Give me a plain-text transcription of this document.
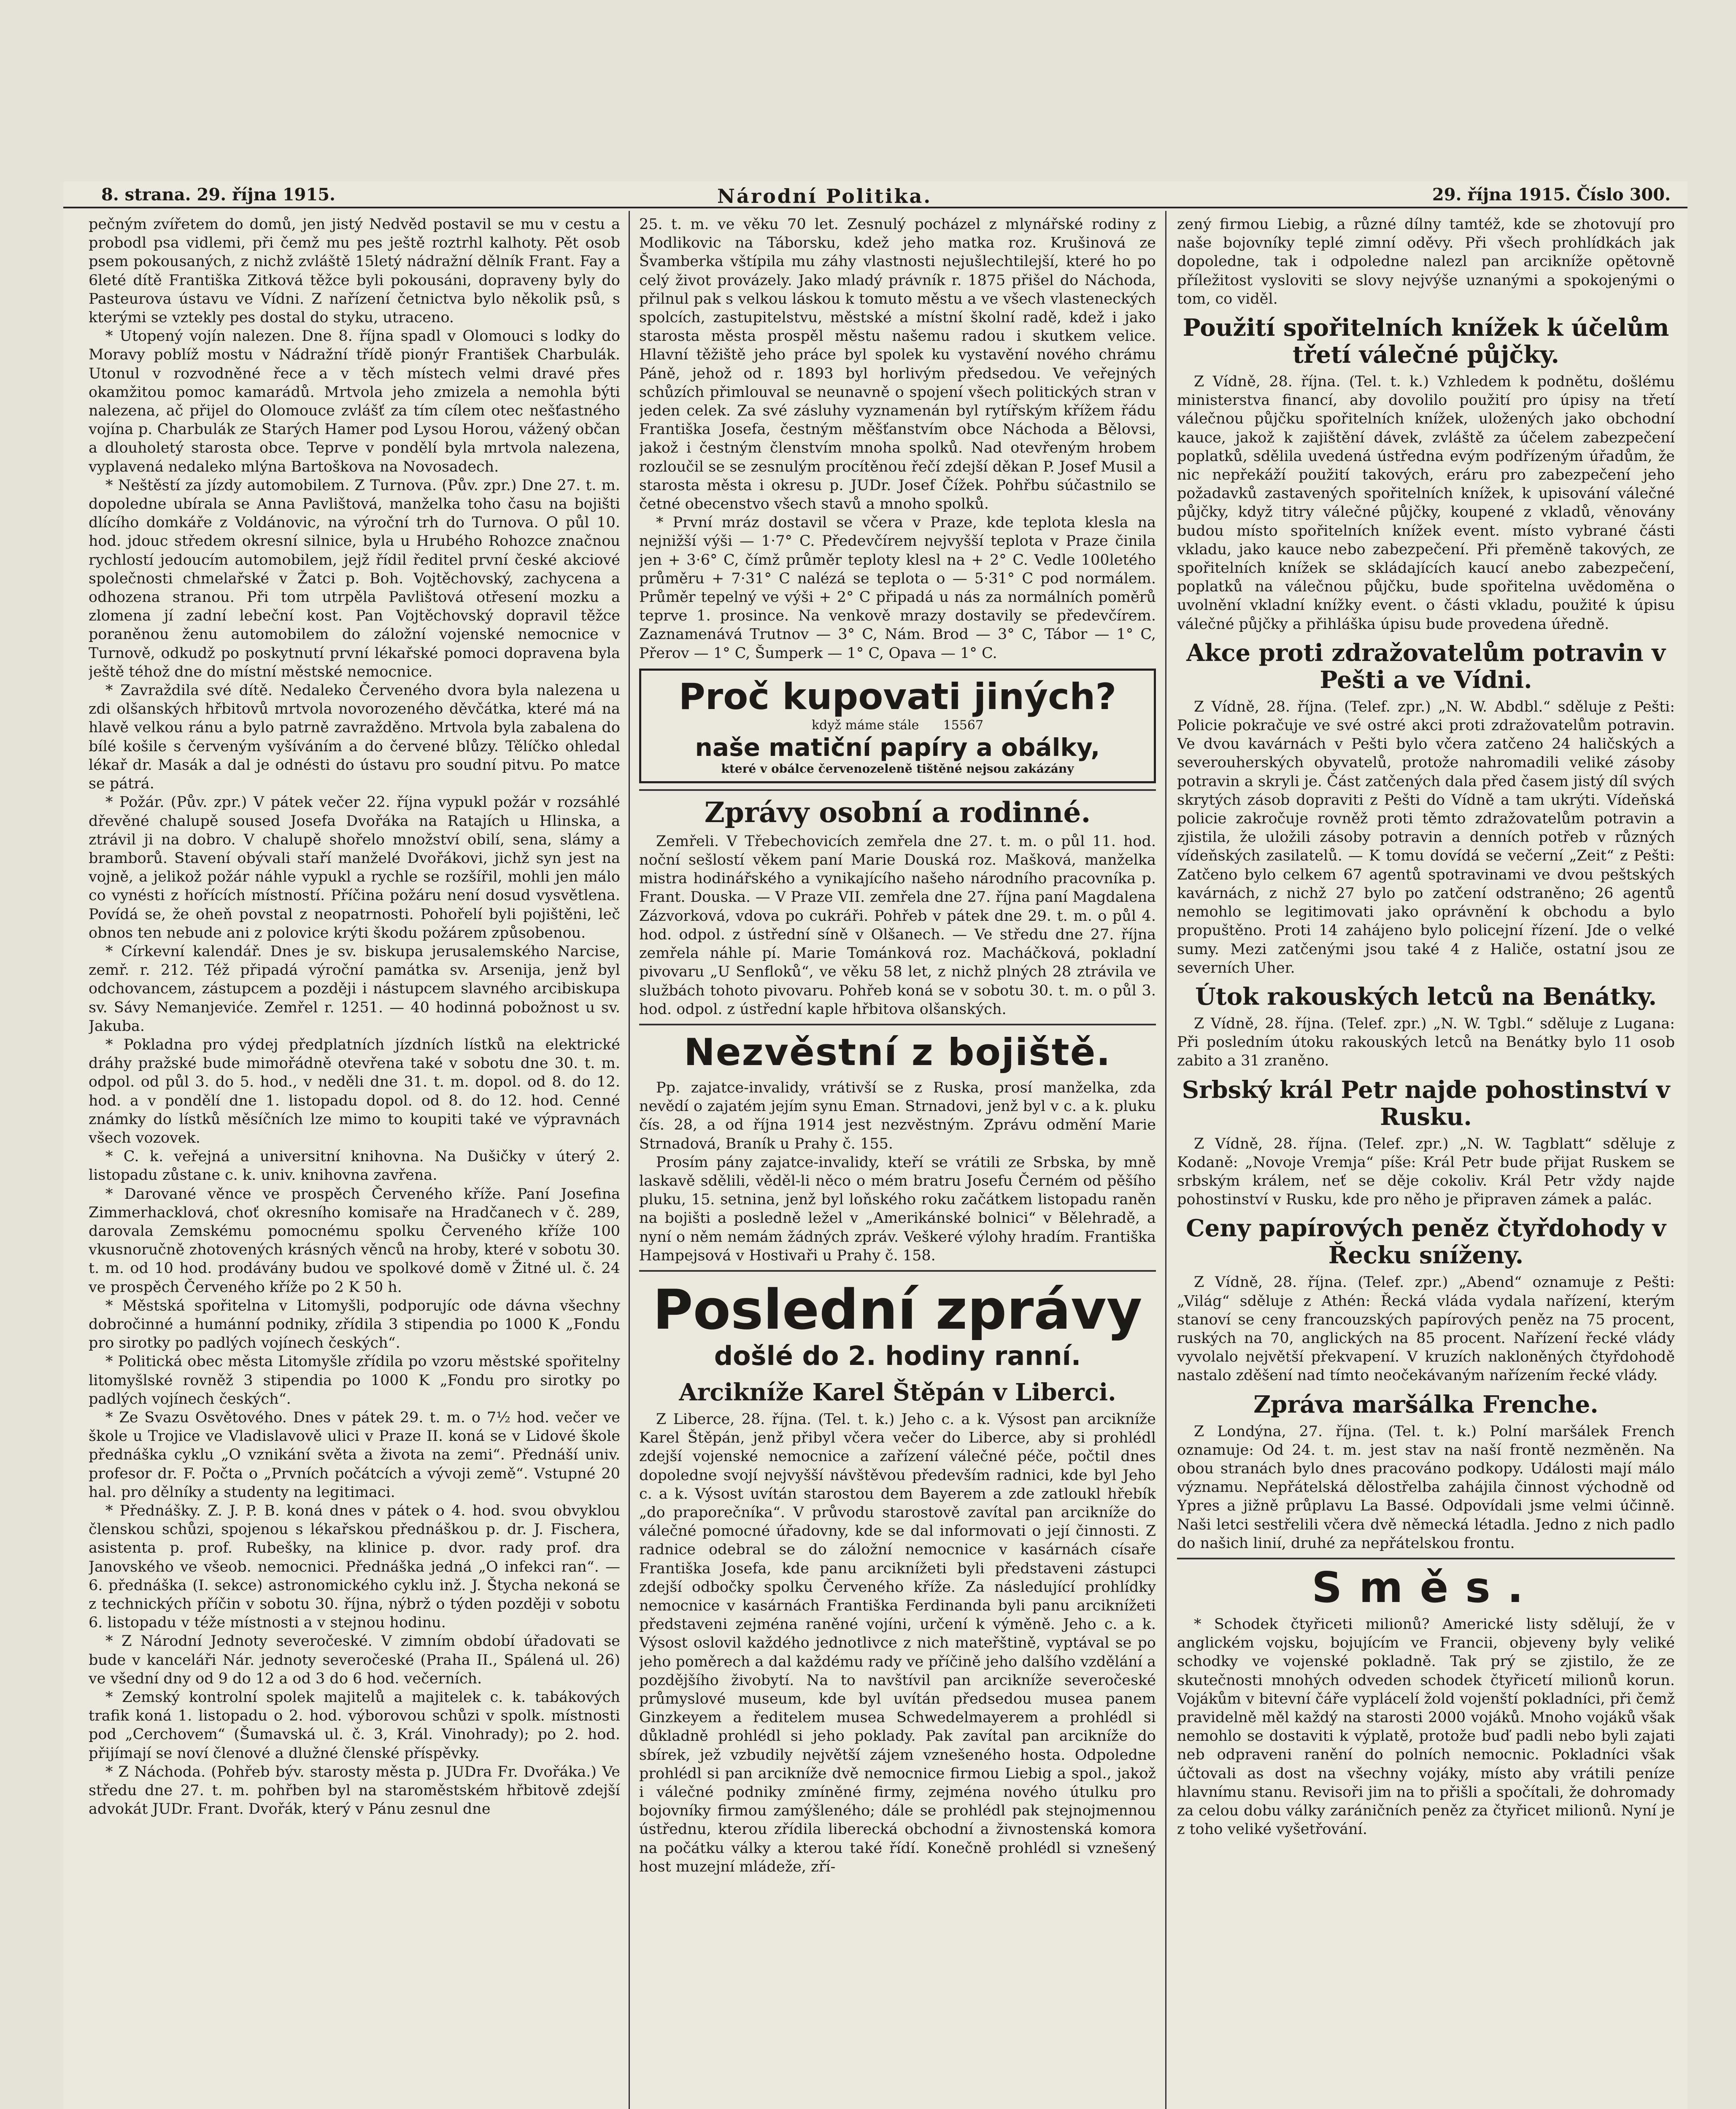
8. strana. 29. října 1915.	Národní Politika.	29. října 1915. Číslo 300.

pečným zvířetem do domů, jen jistý Nedvěd postavil se mu v cestu a probodl psa vidlemi, při čemž mu pes ještě roztrhl kalhoty. Pět osob psem pokousaných, z nichž zvláště 15letý nádražní dělník Frant. Fay a 6leté dítě Františka Zitková těžce byli pokousáni, dopraveny byly do Pasteurova ústavu ve Vídni. Z nařízení četnictva bylo několik psů, s kterými se vztekly pes dostal do styku, utraceno.

* Utopený vojín nalezen. Dne 8. října spadl v Olomouci s lodky do Moravy poblíž mostu v Nádražní třídě pionýr František Charbulák. Utonul v rozvodněné řece a v těch místech velmi dravé přes okamžitou pomoc kamarádů. Mrtvola jeho zmizela a nemohla býti nalezena, ač přijel do Olomouce zvlášť za tím cílem otec nešťastného vojína p. Charbulák ze Starých Hamer pod Lysou Horou, vážený občan a dlouholetý starosta obce. Teprve v pondělí byla mrtvola nalezena, vyplavená nedaleko mlýna Bartoškova na Novosadech.

* Neštěstí za jízdy automobilem. Z Turnova. (Pův. zpr.) Dne 27. t. m. dopoledne ubírala se Anna Pavlištová, manželka toho času na bojišti dlícího domkáře z Voldánovic, na výroční trh do Turnova. O půl 10. hod. jdouc středem okresní silnice, byla u Hrubého Rohozce značnou rychlostí jedoucím automobilem, jejž řídil ředitel první české akciové společnosti chmelařské v Žatci p. Boh. Vojtěchovský, zachycena a odhozena stranou. Při tom utrpěla Pavlištová otřesení mozku a zlomena jí zadní lebeční kost. Pan Vojtěchovský dopravil těžce poraněnou ženu automobilem do záložní vojenské nemocnice v Turnově, odkudž po poskytnutí první lékařské pomoci dopravena byla ještě téhož dne do místní městské nemocnice.

* Zavraždila své dítě. Nedaleko Červeného dvora byla nalezena u zdi olšanských hřbitovů mrtvola novorozeného děvčátka, které má na hlavě velkou ránu a bylo patrně zavražděno. Mrtvola byla zabalena do bílé košile s červeným vyšíváním a do červené blůzy. Tělíčko ohledal lékař dr. Masák a dal je odnésti do ústavu pro soudní pitvu. Po matce se pátrá.

* Požár. (Pův. zpr.) V pátek večer 22. října vypukl požár v rozsáhlé dřevěné chalupě soused Josefa Dvořáka na Ratajích u Hlinska, a ztrávil ji na dobro. V chalupě shořelo množství obilí, sena, slámy a bramborů. Stavení obývali staří manželé Dvořákovi, jichž syn jest na vojně, a jelikož požár náhle vypukl a rychle se rozšířil, mohli jen málo co vynésti z hořících místností. Příčina požáru není dosud vysvětlena. Povídá se, že oheň povstal z neopatrnosti. Pohořelí byli pojištěni, leč obnos ten nebude ani z polovice krýti škodu požárem způsobenou.

* Církevní kalendář. Dnes je sv. biskupa jerusalemského Narcise, zemř. r. 212. Též připadá výroční památka sv. Arsenija, jenž byl odchovancem, zástupcem a později i nástupcem slavného arcibiskupa sv. Sávy Nemanjeviće. Zemřel r. 1251. — 40 hodinná pobožnost u sv. Jakuba.

* Pokladna pro výdej předplatních jízdních lístků na elektrické dráhy pražské bude mimořádně otevřena také v sobotu dne 30. t. m. odpol. od půl 3. do 5. hod., v neděli dne 31. t. m. dopol. od 8. do 12. hod. a v pondělí dne 1. listopadu dopol. od 8. do 12. hod. Cenné známky do lístků měsíčních lze mimo to koupiti také ve výpravnách všech vozovek.

* C. k. veřejná a universitní knihovna. Na Dušičky v úterý 2. listopadu zůstane c. k. univ. knihovna zavřena.

* Darované věnce ve prospěch Červeného kříže. Paní Josefina Zimmerhacklová, choť okresního komisaře na Hradčanech v č. 289, darovala Zemskému pomocnému spolku Červeného kříže 100 vkusnoručně zhotovených krásných věnců na hroby, které v sobotu 30. t. m. od 10 hod. prodávány budou ve spolkové domě v Žitné ul. č. 24 ve prospěch Červeného kříže po 2 K 50 h.

* Městská spořitelna v Litomyšli, podporujíc ode dávna všechny dobročinné a humánní podniky, zřídila 3 stipendia po 1000 K „Fondu pro sirotky po padlých vojínech českých“.

* Politická obec města Litomyšle zřídila po vzoru městské spořitelny litomyšlské rovněž 3 stipendia po 1000 K „Fondu pro sirotky po padlých vojínech českých“.

* Ze Svazu Osvětového. Dnes v pátek 29. t. m. o 7½ hod. večer ve škole u Trojice ve Vladislavově ulici v Praze II. koná se v Lidové škole přednáška cyklu „O vznikání světa a života na zemi“. Přednáší univ. profesor dr. F. Počta o „Prvních počátcích a vývoji země“. Vstupné 20 hal. pro dělníky a studenty na legitimaci.

* Přednášky. Z. J. P. B. koná dnes v pátek o 4. hod. svou obvyklou členskou schůzi, spojenou s lékařskou přednáškou p. dr. J. Fischera, asistenta p. prof. Rubešky, na klinice p. dvor. rady prof. dra Janovského ve všeob. nemocnici. Přednáška jedná „O infekci ran“. — 6. přednáška (I. sekce) astronomického cyklu inž. J. Štycha nekoná se z technických příčin v sobotu 30. října, nýbrž o týden později v sobotu 6. listopadu v téže místnosti a v stejnou hodinu.

* Z Národní Jednoty severočeské. V zimním období úřadovati se bude v kanceláři Nár. jednoty severočeské (Praha II., Spálená ul. 26) ve všední dny od 9 do 12 a od 3 do 6 hod. večerních.

* Zemský kontrolní spolek majitelů a majitelek c. k. tabákových trafik koná 1. listopadu o 2. hod. výborovou schůzi v spolk. místnosti pod „Cerchovem“ (Šumavská ul. č. 3, Král. Vinohrady); po 2. hod. přijímají se noví členové a dlužné členské příspěvky.

* Z Náchoda. (Pohřeb býv. starosty města p. JUDra Fr. Dvořáka.) Ve středu dne 27. t. m. pohřben byl na staroměstském hřbitově zdejší advokát JUDr. Frant. Dvořák, který v Pánu zesnul dne

25. t. m. ve věku 70 let. Zesnulý pocházel z mlynářské rodiny z Modlikovic na Táborsku, kdež jeho matka roz. Krušinová ze Švamberka vštípila mu záhy vlastnosti nejušlechtilejší, které ho po celý život provázely. Jako mladý právník r. 1875 přišel do Náchoda, přilnul pak s velkou láskou k tomuto městu a ve všech vlasteneckých spolcích, zastupitelstvu, městské a místní školní radě, kdež i jako starosta města prospěl městu našemu radou i skutkem velice. Hlavní těžiště jeho práce byl spolek ku vystavění nového chrámu Páně, jehož od r. 1893 byl horlivým předsedou. Ve veřejných schůzích přimlouval se neunavně o spojení všech politických stran v jeden celek. Za své zásluhy vyznamenán byl rytířským křížem řádu Františka Josefa, čestným měšťanstvím obce Náchoda a Bělovsi, jakož i čestným členstvím mnoha spolků. Nad otevřeným hrobem rozloučil se se zesnulým procítěnou řečí zdejší děkan P. Josef Musil a starosta města i okresu p. JUDr. Josef Čížek. Pohřbu súčastnilo se četné obecenstvo všech stavů a mnoho spolků.

* První mráz dostavil se včera v Praze, kde teplota klesla na nejnižší výši — 1·7° C. Předevčírem nejvyšší teplota v Praze činila jen + 3·6° C, čímž průměr teploty klesl na + 2° C. Vedle 100letého průměru + 7·31° C nalézá se teplota o — 5·31° C pod normálem. Průměr tepelný ve výši + 2° C připadá u nás za normálních poměrů teprve 1. prosince. Na venkově mrazy dostavily se předevčírem. Zaznamenává Trutnov — 3° C, Nám. Brod — 3° C, Tábor — 1° C, Přerov — 1° C, Šumperk — 1° C, Opava — 1° C.

Proč kupovati jiných?
když máme stále 15567
naše matiční papíry a obálky,
které v obálce červenozeleně tištěné nejsou zakázány
Zprávy osobní a rodinné.

Zemřeli. V Třebechovicích zemřela dne 27. t. m. o půl 11. hod. noční sešlostí věkem paní Marie Douská roz. Mašková, manželka mistra hodinářského a vynikajícího našeho národního pracovníka p. Frant. Douska. — V Praze VII. zemřela dne 27. října paní Magdalena Zázvorková, vdova po cukráři. Pohřeb v pátek dne 29. t. m. o půl 4. hod. odpol. z ústřední síně v Olšanech. — Ve středu dne 27. října zemřela náhle pí. Marie Tománková roz. Macháčková, pokladní pivovaru „U Senfloků“, ve věku 58 let, z nichž plných 28 ztrávila ve službách tohoto pivovaru. Pohřeb koná se v sobotu 30. t. m. o půl 3. hod. odpol. z ústřední kaple hřbitova olšanských.

Nezvěstní z bojiště.

Pp. zajatce-invalidy, vrátivší se z Ruska, prosí manželka, zda nevědí o zajatém jejím synu Eman. Strnadovi, jenž byl v c. a k. pluku čís. 28, a od října 1914 jest nezvěstným. Zprávu odmění Marie Strnadová, Braník u Prahy č. 155.

Prosím pány zajatce-invalidy, kteří se vrátili ze Srbska, by mně laskavě sdělili, věděl-li něco o mém bratru Josefu Černém od pěšího pluku, 15. setnina, jenž byl loňského roku začátkem listopadu raněn na bojišti a posledně ležel v „Amerikánské bolnici“ v Bělehradě, a nyní o něm nemám žádných zpráv. Veškeré výlohy hradím. Františka Hampejsová v Hostivaři u Prahy č. 158.

Poslední zprávy
došlé do 2. hodiny ranní.
Arcikníže Karel Štěpán v Liberci.

Z Liberce, 28. října. (Tel. t. k.) Jeho c. a k. Výsost pan arcikníže Karel Štěpán, jenž přibyl včera večer do Liberce, aby si prohlédl zdejší vojenské nemocnice a zařízení válečné péče, počtil dnes dopoledne svojí nejvyšší návštěvou především radnici, kde byl Jeho c. a k. Výsost uvítán starostou dem Bayerem a zde zatloukl hřebík „do praporečníka“. V průvodu starostově zavítal pan arcikníže do válečné pomocné úřadovny, kde se dal informovati o její činnosti. Z radnice odebral se do záložní nemocnice v kasárnách císaře Františka Josefa, kde panu arciknížeti byli představeni zástupci zdejší odbočky spolku Červeného kříže. Za následující prohlídky nemocnice v kasárnách Františka Ferdinanda byli panu arciknížeti představeni zejména raněné vojíni, určení k výměně. Jeho c. a k. Výsost oslovil každého jednotlivce z nich mateřštině, vyptával se po jeho poměrech a dal každému rady ve příčině jeho dalšího vzdělání a pozdějšího živobytí. Na to navštívil pan arcikníže severočeské průmyslové museum, kde byl uvítán předsedou musea panem Ginzkeyem a ředitelem musea Schwedelmayerem a prohlédl si důkladně prohlédl si jeho poklady. Pak zavítal pan arcikníže do sbírek, jež vzbudily největší zájem vznešeného hosta. Odpoledne prohlédl si pan arcikníže dvě nemocnice firmou Liebig a spol., jakož i válečné podniky zmíněné firmy, zejména nového útulku pro bojovníky firmou zamýšleného; dále se prohlédl pak stejnojmennou ústřednu, kterou zřídila liberecká obchodní a živnostenská komora na počátku války a kterou také řídí. Konečně prohlédl si vznešený host muzejní mládeže, zří-

zený firmou Liebig, a různé dílny tamtéž, kde se zhotovují pro naše bojovníky teplé zimní oděvy. Při všech prohlídkách jak dopoledne, tak i odpoledne nalezl pan arcikníže opětovně příležitost vysloviti se slovy nejvýše uznanými a spokojenými o tom, co viděl.

Použití spořitelních knížek k účelům třetí válečné půjčky.

Z Vídně, 28. října. (Tel. t. k.) Vzhledem k podnětu, došlému ministerstva financí, aby dovolilo použití pro úpisy na třetí válečnou půjčku spořitelních knížek, uložených jako obchodní kauce, jakož k zajištění dávek, zvláště za účelem zabezpečení poplatků, sdělila uvedená ústředna evým podřízeným úřadům, že nic nepřekáží použití takových, eráru pro zabezpečení jeho požadavků zastavených spořitelních knížek, k upisování válečné půjčky, když titry válečné půjčky, koupené z vkladů, věnovány budou místo spořitelních knížek event. místo vybrané části vkladu, jako kauce nebo zabezpečení. Při přeměně takových, ze spořitelních knížek se skládajících kaucí anebo zabezpečení, poplatků na válečnou půjčku, bude spořitelna uvědoměna o uvolnění vkladní knížky event. o části vkladu, použité k úpisu válečné půjčky a přihláška úpisu bude provedena úředně.

Akce proti zdražovatelům potravin v Pešti a ve Vídni.

Z Vídně, 28. října. (Telef. zpr.) „N. W. Abdbl.“ sděluje z Pešti: Policie pokračuje ve své ostré akci proti zdražovatelům potravin. Ve dvou kavárnách v Pešti bylo včera zatčeno 24 haličských a severouherských obyvatelů, protože nahromadili veliké zásoby potravin a skryli je. Část zatčených dala před časem jistý díl svých skrytých zásob dopraviti z Pešti do Vídně a tam ukrýti. Vídeňská policie zakročuje rovněž proti těmto zdražovatelům potravin a zjistila, že uložili zásoby potravin a denních potřeb v různých vídeňských zasilatelů. — K tomu dovídá se večerní „Zeit“ z Pešti: Zatčeno bylo celkem 67 agentů spotravinami ve dvou peštských kavárnách, z nichž 27 bylo po zatčení odstraněno; 26 agentů nemohlo se legitimovati jako oprávnění k obchodu a bylo propuštěno. Proti 14 zahájeno bylo policejní řízení. Jde o velké sumy. Mezi zatčenými jsou také 4 z Haliče, ostatní jsou ze severních Uher.

Útok rakouských letců na Benátky.

Z Vídně, 28. října. (Telef. zpr.) „N. W. Tgbl.“ sděluje z Lugana: Při posledním útoku rakouských letců na Benátky bylo 11 osob zabito a 31 zraněno.

Srbský král Petr najde pohostinství v Rusku.

Z Vídně, 28. října. (Telef. zpr.) „N. W. Tagblatt“ sděluje z Kodaně: „Novoje Vremja“ píše: Král Petr bude přijat Ruskem se srbským králem, neť se děje cokoliv. Král Petr vždy najde pohostinství v Rusku, kde pro něho je připraven zámek a palác.

Ceny papírových peněz čtyřdohody v Řecku sníženy.

Z Vídně, 28. října. (Telef. zpr.) „Abend“ oznamuje z Pešti: „Világ“ sděluje z Athén: Řecká vláda vydala nařízení, kterým stanoví se ceny francouzských papírových peněz na 75 procent, ruských na 70, anglických na 85 procent. Nařízení řecké vlády vyvolalo největší překvapení. V kruzích nakloněných čtyřdohodě nastalo zděšení nad tímto neočekávaným nařízením řecké vlády.

Zpráva maršálka Frenche.

Z Londýna, 27. října. (Tel. t. k.) Polní maršálek French oznamuje: Od 24. t. m. jest stav na naší frontě nezměněn. Na obou stranách bylo dnes pracováno podkopy. Události mají málo významu. Nepřátelská dělostřelba zahájila činnost východně od Ypres a jižně průplavu La Bassé. Odpovídali jsme velmi účinně. Naši letci sestřelili včera dvě německá létadla. Jedno z nich padlo do našich linií, druhé za nepřátelskou frontu.

Směs.

* Schodek čtyřiceti milionů? Americké listy sdělují, že v anglickém vojsku, bojujícím ve Francii, objeveny byly veliké schodky ve vojenské pokladně. Tak prý se zjistilo, že ze skutečnosti mnohých odveden schodek čtyřicetí milionů korun. Vojákům v bitevní čáře vyplácelí žold vojenští pokladníci, při čemž pravidelně měl každý na starosti 2000 vojáků. Mnoho vojáků však nemohlo se dostaviti k výplatě, protože buď padli nebo byli zajati neb odpraveni ranění do polních nemocnic. Pokladníci však účtovali as dost na všechny vojáky, místo aby vrátili peníze hlavnímu stanu. Revisoři jim na to přišli a spočítali, že dohromady za celou dobu války zaráničních peněz za čtyřicet milionů. Nyní je z toho veliké vyšetřování.
